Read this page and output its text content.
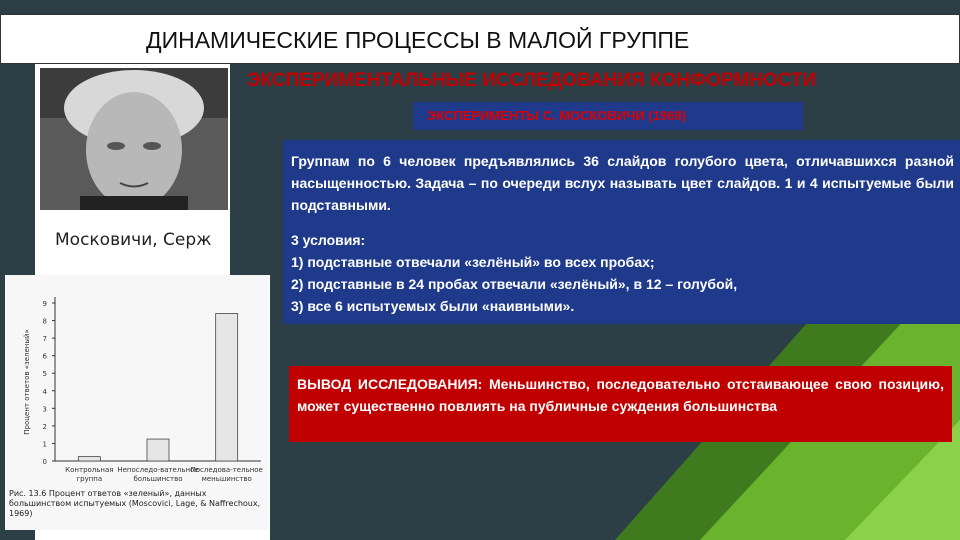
ДИНАМИЧЕСКИЕ ПРОЦЕССЫ В МАЛОЙ ГРУППЕ
Московичи, Серж
ЭКСПЕРИМЕНТАЛЬНЫЕ ИССЛЕДОВАНИЯ КОНФОРМНОСТИ
ЭКСПЕРИМЕНТЫ С. МОСКОВИЧИ (1969)
Группам по 6 человек предъявлялись 36 слайдов голубого цвета, отличавшихся разной насыщенностью. Задача – по очереди вслух называть цвет слайдов. 1 и 4 испытуемые были подставными.
3 условия:
1) подставные отвечали «зелёный» во всех пробах;
2) подставные в 24 пробах отвечали «зелёный», в 12 – голубой,
3) все 6 испытуемых были «наивными».
ВЫВОД ИССЛЕДОВАНИЯ: Меньшинство, последовательно отстаивающее свою позицию, может существенно повлиять на публичные суждения большинства
0
1
2
3
4
5
6
7
8
9
Процент ответов «зеленый»
Контрольная
группа
Непоследо-вательное
большинство
Последова-тельное
меньшинство
Рис. 13.6 Процент ответов «зеленый», данных большинством испытуемых (Moscovici, Lage, & Naffrechoux, 1969)
